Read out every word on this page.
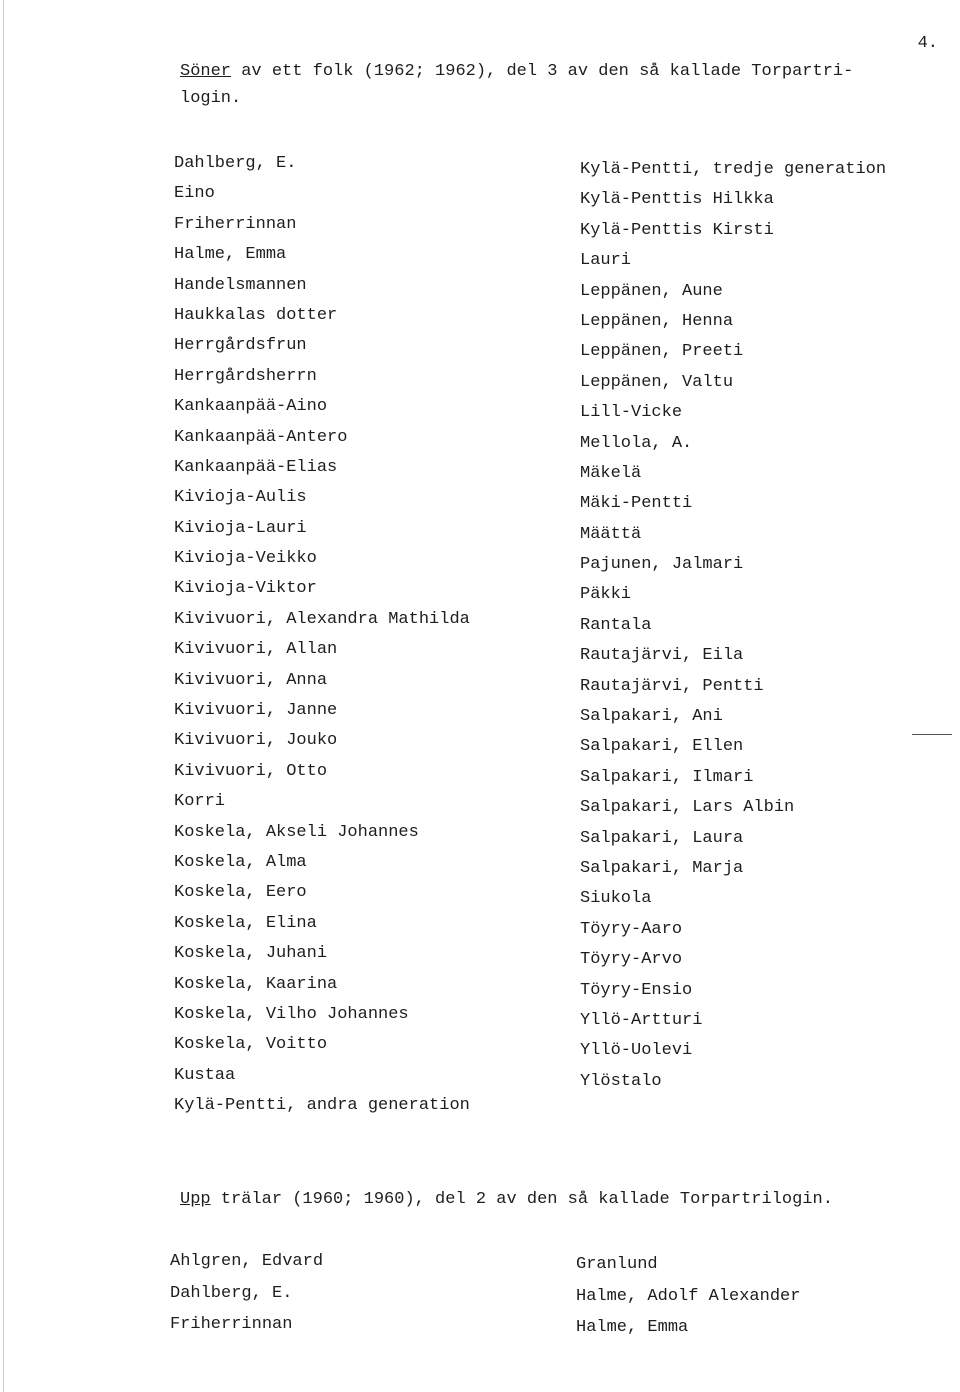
4.
Söner av ett folk (1962; 1962), del 3 av den så kallade Torpartri-
login.
Dahlberg, E.
Eino
Friherrinnan
Halme, Emma
Handelsmannen
Haukkalas dotter
Herrgårdsfrun
Herrgårdsherrn
Kankaanpää-Aino
Kankaanpää-Antero
Kankaanpää-Elias
Kivioja-Aulis
Kivioja-Lauri
Kivioja-Veikko
Kivioja-Viktor
Kivivuori, Alexandra Mathilda
Kivivuori, Allan
Kivivuori, Anna
Kivivuori, Janne
Kivivuori, Jouko
Kivivuori, Otto
Korri
Koskela, Akseli Johannes
Koskela, Alma
Koskela, Eero
Koskela, Elina
Koskela, Juhani
Koskela, Kaarina
Koskela, Vilho Johannes
Koskela, Voitto
Kustaa
Kylä-Pentti, andra generation
Kylä-Pentti, tredje generation
Kylä-Penttis Hilkka
Kylä-Penttis Kirsti
Lauri
Leppänen, Aune
Leppänen, Henna
Leppänen, Preeti
Leppänen, Valtu
Lill-Vicke
Mellola, A.
Mäkelä
Mäki-Pentti
Määttä
Pajunen, Jalmari
Päkki
Rantala
Rautajärvi, Eila
Rautajärvi, Pentti
Salpakari, Ani
Salpakari, Ellen
Salpakari, Ilmari
Salpakari, Lars Albin
Salpakari, Laura
Salpakari, Marja
Siukola
Töyry-Aaro
Töyry-Arvo
Töyry-Ensio
Yllö-Artturi
Yllö-Uolevi
Ylöstalo
Upp trälar (1960; 1960), del 2 av den så kallade Torpartrilogin.
Ahlgren, Edvard
Dahlberg, E.
Friherrinnan
Granlund
Halme, Adolf Alexander
Halme, Emma
